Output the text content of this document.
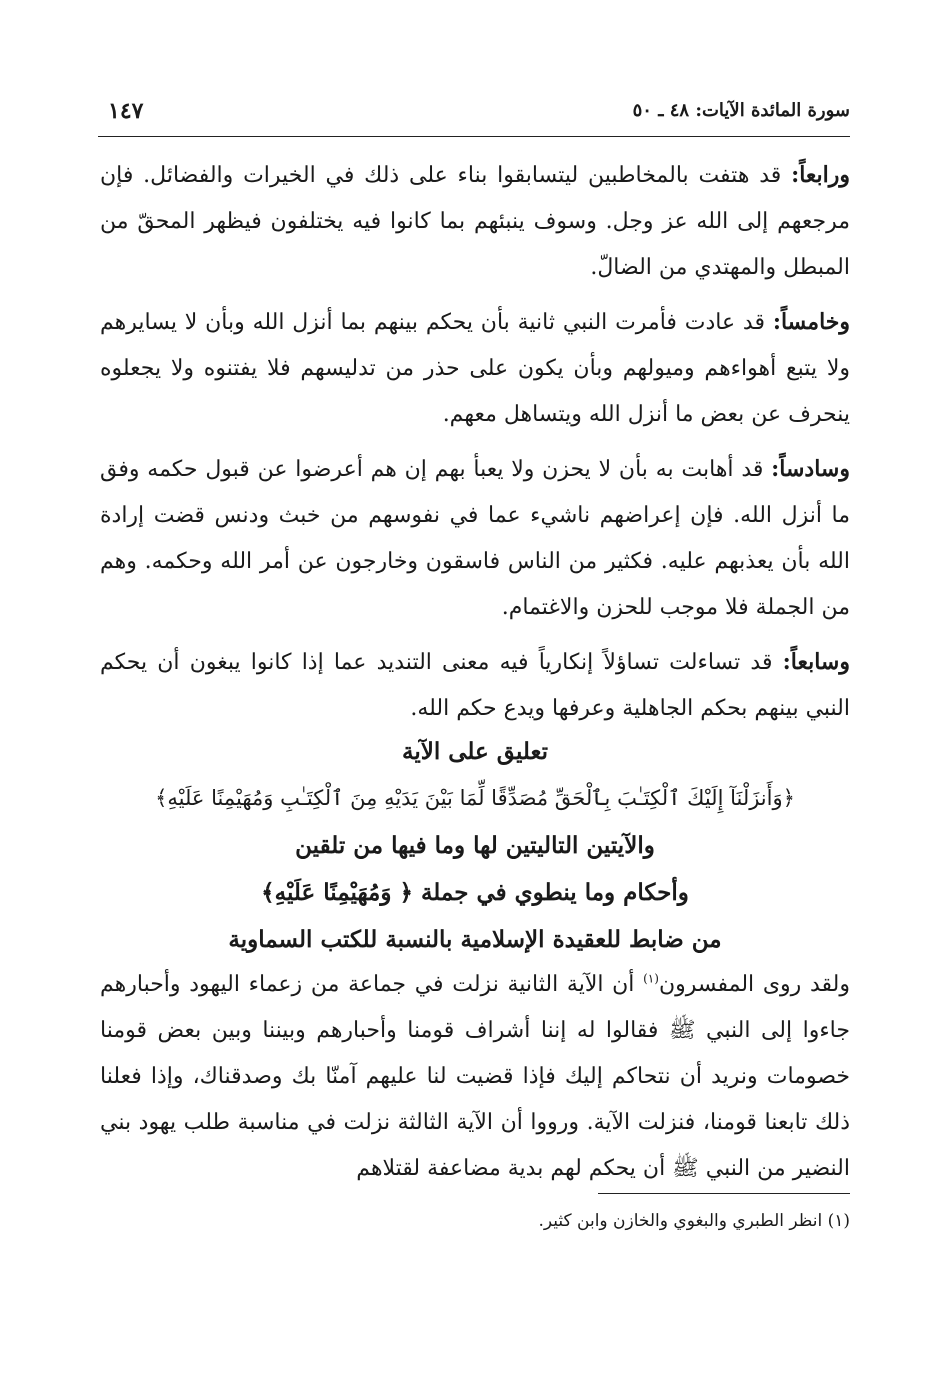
سورة المائدة الآيات: ٤٨ ـ ٥٠
١٤٧

ورابعاً: قد هتفت بالمخاطبين ليتسابقوا بناء على ذلك في الخيرات والفضائل. فإن مرجعهم إلى الله عز وجل. وسوف ينبئهم بما كانوا فيه يختلفون فيظهر المحقّ من المبطل والمهتدي من الضالّ.

وخامساً: قد عادت فأمرت النبي ثانية بأن يحكم بينهم بما أنزل الله وبأن لا يسايرهم ولا يتبع أهواءهم وميولهم وبأن يكون على حذر من تدليسهم فلا يفتنوه ولا يجعلوه ينحرف عن بعض ما أنزل الله ويتساهل معهم.

وسادساً: قد أهابت به بأن لا يحزن ولا يعبأ بهم إن هم أعرضوا عن قبول حكمه وفق ما أنزل الله. فإن إعراضهم ناشيء عما في نفوسهم من خبث ودنس قضت إرادة الله بأن يعذبهم عليه. فكثير من الناس فاسقون وخارجون عن أمر الله وحكمه. وهم من الجملة فلا موجب للحزن والاغتمام.

وسابعاً: قد تساءلت تساؤلاً إنكارياً فيه معنى التنديد عما إذا كانوا يبغون أن يحكم النبي بينهم بحكم الجاهلية وعرفها ويدع حكم الله.

تعليق على الآية
﴿وَأَنزَلْنَآ إِلَيْكَ ٱلْكِتَـٰبَ بِٱلْحَقِّ مُصَدِّقًا لِّمَا بَيْنَ يَدَيْهِ مِنَ ٱلْكِتَـٰبِ وَمُهَيْمِنًا عَلَيْهِ﴾
والآيتين التاليتين لها وما فيها من تلقين
وأحكام وما ينطوي في جملة ﴿ وَمُهَيْمِنًا عَلَيْهِ﴾
من ضابط للعقيدة الإسلامية بالنسبة للكتب السماوية

ولقد روى المفسرون$^{(١)}$ أن الآية الثانية نزلت في جماعة من زعماء اليهود وأحبارهم جاءوا إلى النبي ﷺ فقالوا له إننا أشراف قومنا وأحبارهم وبيننا وبين بعض قومنا خصومات ونريد أن نتحاكم إليك فإذا قضيت لنا عليهم آمنّا بك وصدقناك، وإذا فعلنا ذلك تابعنا قومنا، فنزلت الآية. ورووا أن الآية الثالثة نزلت في مناسبة طلب يهود بني النضير من النبي ﷺ أن يحكم لهم بدية مضاعفة لقتلاهم

(١) انظر الطبري والبغوي والخازن وابن كثير.
